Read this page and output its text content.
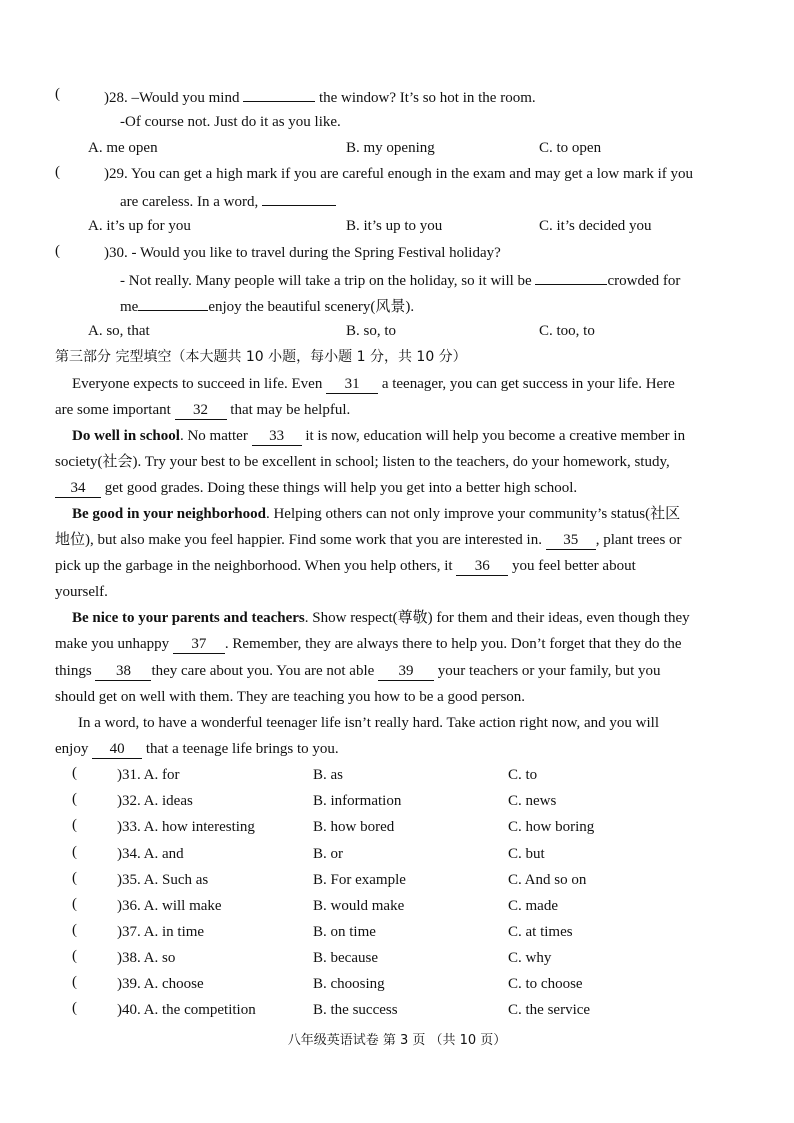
(	)28. –Would you mind	the window? It’s so hot in the room.
-Of course not. Just do it as you like.
A. me open	B. my opening	C. to open
(	)29. You can get a high mark if you are careful enough in the exam and may get a low mark if you
are careless. In a word,
A. it’s up for you	B. it’s up to you	C. it’s decided you
(	)30. - Would you like to travel during the Spring Festival holiday?
- Not really. Many people will take a trip on the holiday, so it will be	crowded for
me	enjoy the beautiful scenery(风景).
A. so, that	B. so, to	C. too, to
第三部分 完型填空（本大题共 10 小题，每小题 1 分，共 10 分）
Everyone expects to succeed in life. Even 31 a teenager, you can get success in your life. Here
are some important 32 that may be helpful.
Do well in school. No matter 33 it is now, education will help you become a creative member in
society(社会). Try your best to be excellent in school; listen to the teachers, do your homework, study,
34 get good grades. Doing these things will help you get into a better high school.
Be good in your neighborhood. Helping others can not only improve your community’s status(社区
地位), but also make you feel happier. Find some work that you are interested in. 35 , plant trees or
pick up the garbage in the neighborhood. When you help others, it 36 you feel better about
yourself.
Be nice to your parents and teachers. Show respect(尊敬) for them and their ideas, even though they
make you unhappy 37 . Remember, they are always there to help you. Don’t forget that they do the
things 38 they care about you. You are not able 39 your teachers or your family, but you
should get on well with them. They are teaching you how to be a good person.
In a word, to have a wonderful teenager life isn’t really hard. Take action right now, and you will
enjoy 40 that a teenage life brings to you.
(	)31. A. for	B. as	C. to
(	)32. A. ideas	B. information	C. news
(	)33. A. how interesting	B. how bored	C. how boring
(	)34. A. and	B. or	C. but
(	)35. A. Such as	B. For example	C. And so on
(	)36. A. will make	B. would make	C. made
(	)37. A. in time	B. on time	C. at times
(	)38. A. so	B. because	C. why
(	)39. A. choose	B. choosing	C. to choose
(	)40. A. the competition	B. the success	C. the service
八年级英语试卷 第 3 页 （共 10 页）
